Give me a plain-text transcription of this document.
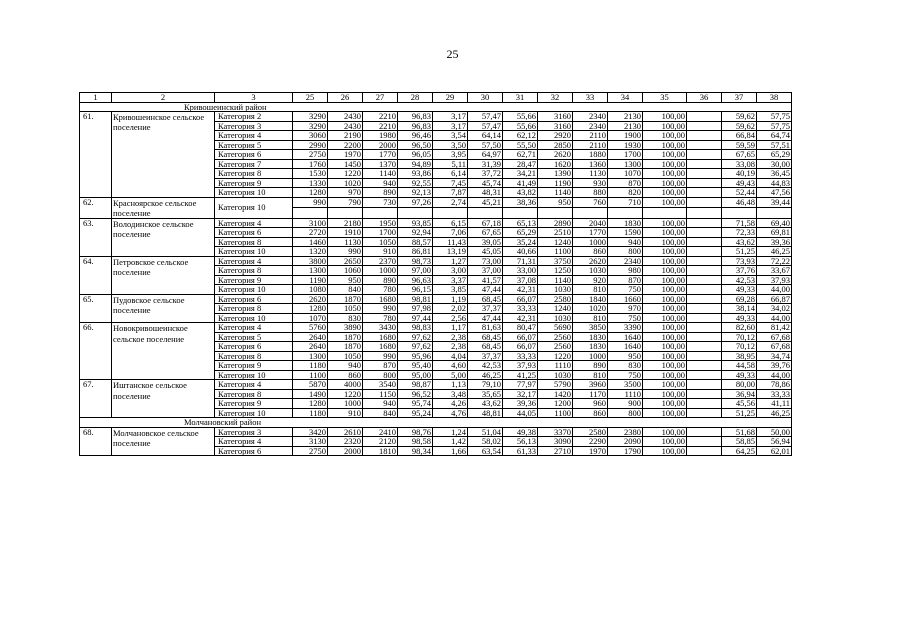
25
1	2	3	25	26	27	28	29	30	31	32	33	34	35	36	37	38
Кривошеинский район																
61.	Кривошеинское сельское поселение	Категория 2	3290	2430	2210	96,83	3,17	57,47	55,66	3160	2340	2130	100,00		59,62	57,75
		Категория 3	3290	2430	2210	96,83	3,17	57,47	55,66	3160	2340	2130	100,00		59,62	57,75
		Категория 4	3060	2190	1980	96,46	3,54	64,14	62,12	2920	2110	1900	100,00		66,84	64,74
		Категория 5	2990	2200	2000	96,50	3,50	57,50	55,50	2850	2110	1930	100,00		59,59	57,51
		Категория 6	2750	1970	1770	96,05	3,95	64,97	62,71	2620	1880	1700	100,00		67,65	65,29
		Категория 7	1760	1450	1370	94,89	5,11	31,39	28,47	1620	1360	1300	100,00		33,08	30,00
		Категория 8	1530	1220	1140	93,86	6,14	37,72	34,21	1390	1130	1070	100,00		40,19	36,45
		Категория 9	1330	1020	940	92,55	7,45	45,74	41,49	1190	930	870	100,00		49,43	44,83
		Категория 10	1280	970	890	92,13	7,87	48,31	43,82	1140	880	820	100,00		52,44	47,56
62.	Красноярское сельское поселение	Категория 10	990	790	730	97,26	2,74	45,21	38,36	950	760	710	100,00		46,48	39,44

63.	Володинское сельское поселение	Категория 4	3100	2180	1950	93,85	6,15	67,18	65,13	2890	2040	1830	100,00		71,58	69,40
		Категория 6	2720	1910	1700	92,94	7,06	67,65	65,29	2510	1770	1590	100,00		72,33	69,81
		Категория 8	1460	1130	1050	88,57	11,43	39,05	35,24	1240	1000	940	100,00		43,62	39,36
		Категория 10	1320	990	910	86,81	13,19	45,05	40,66	1100	860	800	100,00		51,25	46,25
64.	Петровское сельское поселение	Категория 4	3800	2650	2370	98,73	1,27	73,00	71,31	3750	2620	2340	100,00		73,93	72,22
		Категория 8	1300	1060	1000	97,00	3,00	37,00	33,00	1250	1030	980	100,00		37,76	33,67
		Категория 9	1190	950	890	96,63	3,37	41,57	37,08	1140	920	870	100,00		42,53	37,93
		Категория 10	1080	840	780	96,15	3,85	47,44	42,31	1030	810	750	100,00		49,33	44,00
65.	Пудовское сельское поселение	Категория 6	2620	1870	1680	98,81	1,19	68,45	66,07	2580	1840	1660	100,00		69,28	66,87
		Категория 8	1280	1050	990	97,98	2,02	37,37	33,33	1240	1020	970	100,00		38,14	34,02
		Категория 10	1070	830	780	97,44	2,56	47,44	42,31	1030	810	750	100,00		49,33	44,00
66.	Новокривошеинское сельское поселение	Категория 4	5760	3890	3430	98,83	1,17	81,63	80,47	5690	3850	3390	100,00		82,60	81,42
		Категория 5	2640	1870	1680	97,62	2,38	68,45	66,07	2560	1830	1640	100,00		70,12	67,68
		Категория 6	2640	1870	1680	97,62	2,38	68,45	66,07	2560	1830	1640	100,00		70,12	67,68
		Категория 8	1300	1050	990	95,96	4,04	37,37	33,33	1220	1000	950	100,00		38,95	34,74
		Категория 9	1180	940	870	95,40	4,60	42,53	37,93	1110	890	830	100,00		44,58	39,76
		Категория 10	1100	860	800	95,00	5,00	46,25	41,25	1030	810	750	100,00		49,33	44,00
67.	Иштанское сельское поселение	Категория 4	5870	4000	3540	98,87	1,13	79,10	77,97	5790	3960	3500	100,00		80,00	78,86
		Категория 8	1490	1220	1150	96,52	3,48	35,65	32,17	1420	1170	1110	100,00		36,94	33,33
		Категория 9	1280	1000	940	95,74	4,26	43,62	39,36	1200	960	900	100,00		45,56	41,11
		Категория 10	1180	910	840	95,24	4,76	48,81	44,05	1100	860	800	100,00		51,25	46,25
Молчановский район																
68.	Молчановское сельское поселение	Категория 3	3420	2610	2410	98,76	1,24	51,04	49,38	3370	2580	2380	100,00		51,68	50,00
		Категория 4	3130	2320	2120	98,58	1,42	58,02	56,13	3090	2290	2090	100,00		58,85	56,94
		Категория 6	2750	2000	1810	98,34	1,66	63,54	61,33	2710	1970	1790	100,00		64,25	62,01
